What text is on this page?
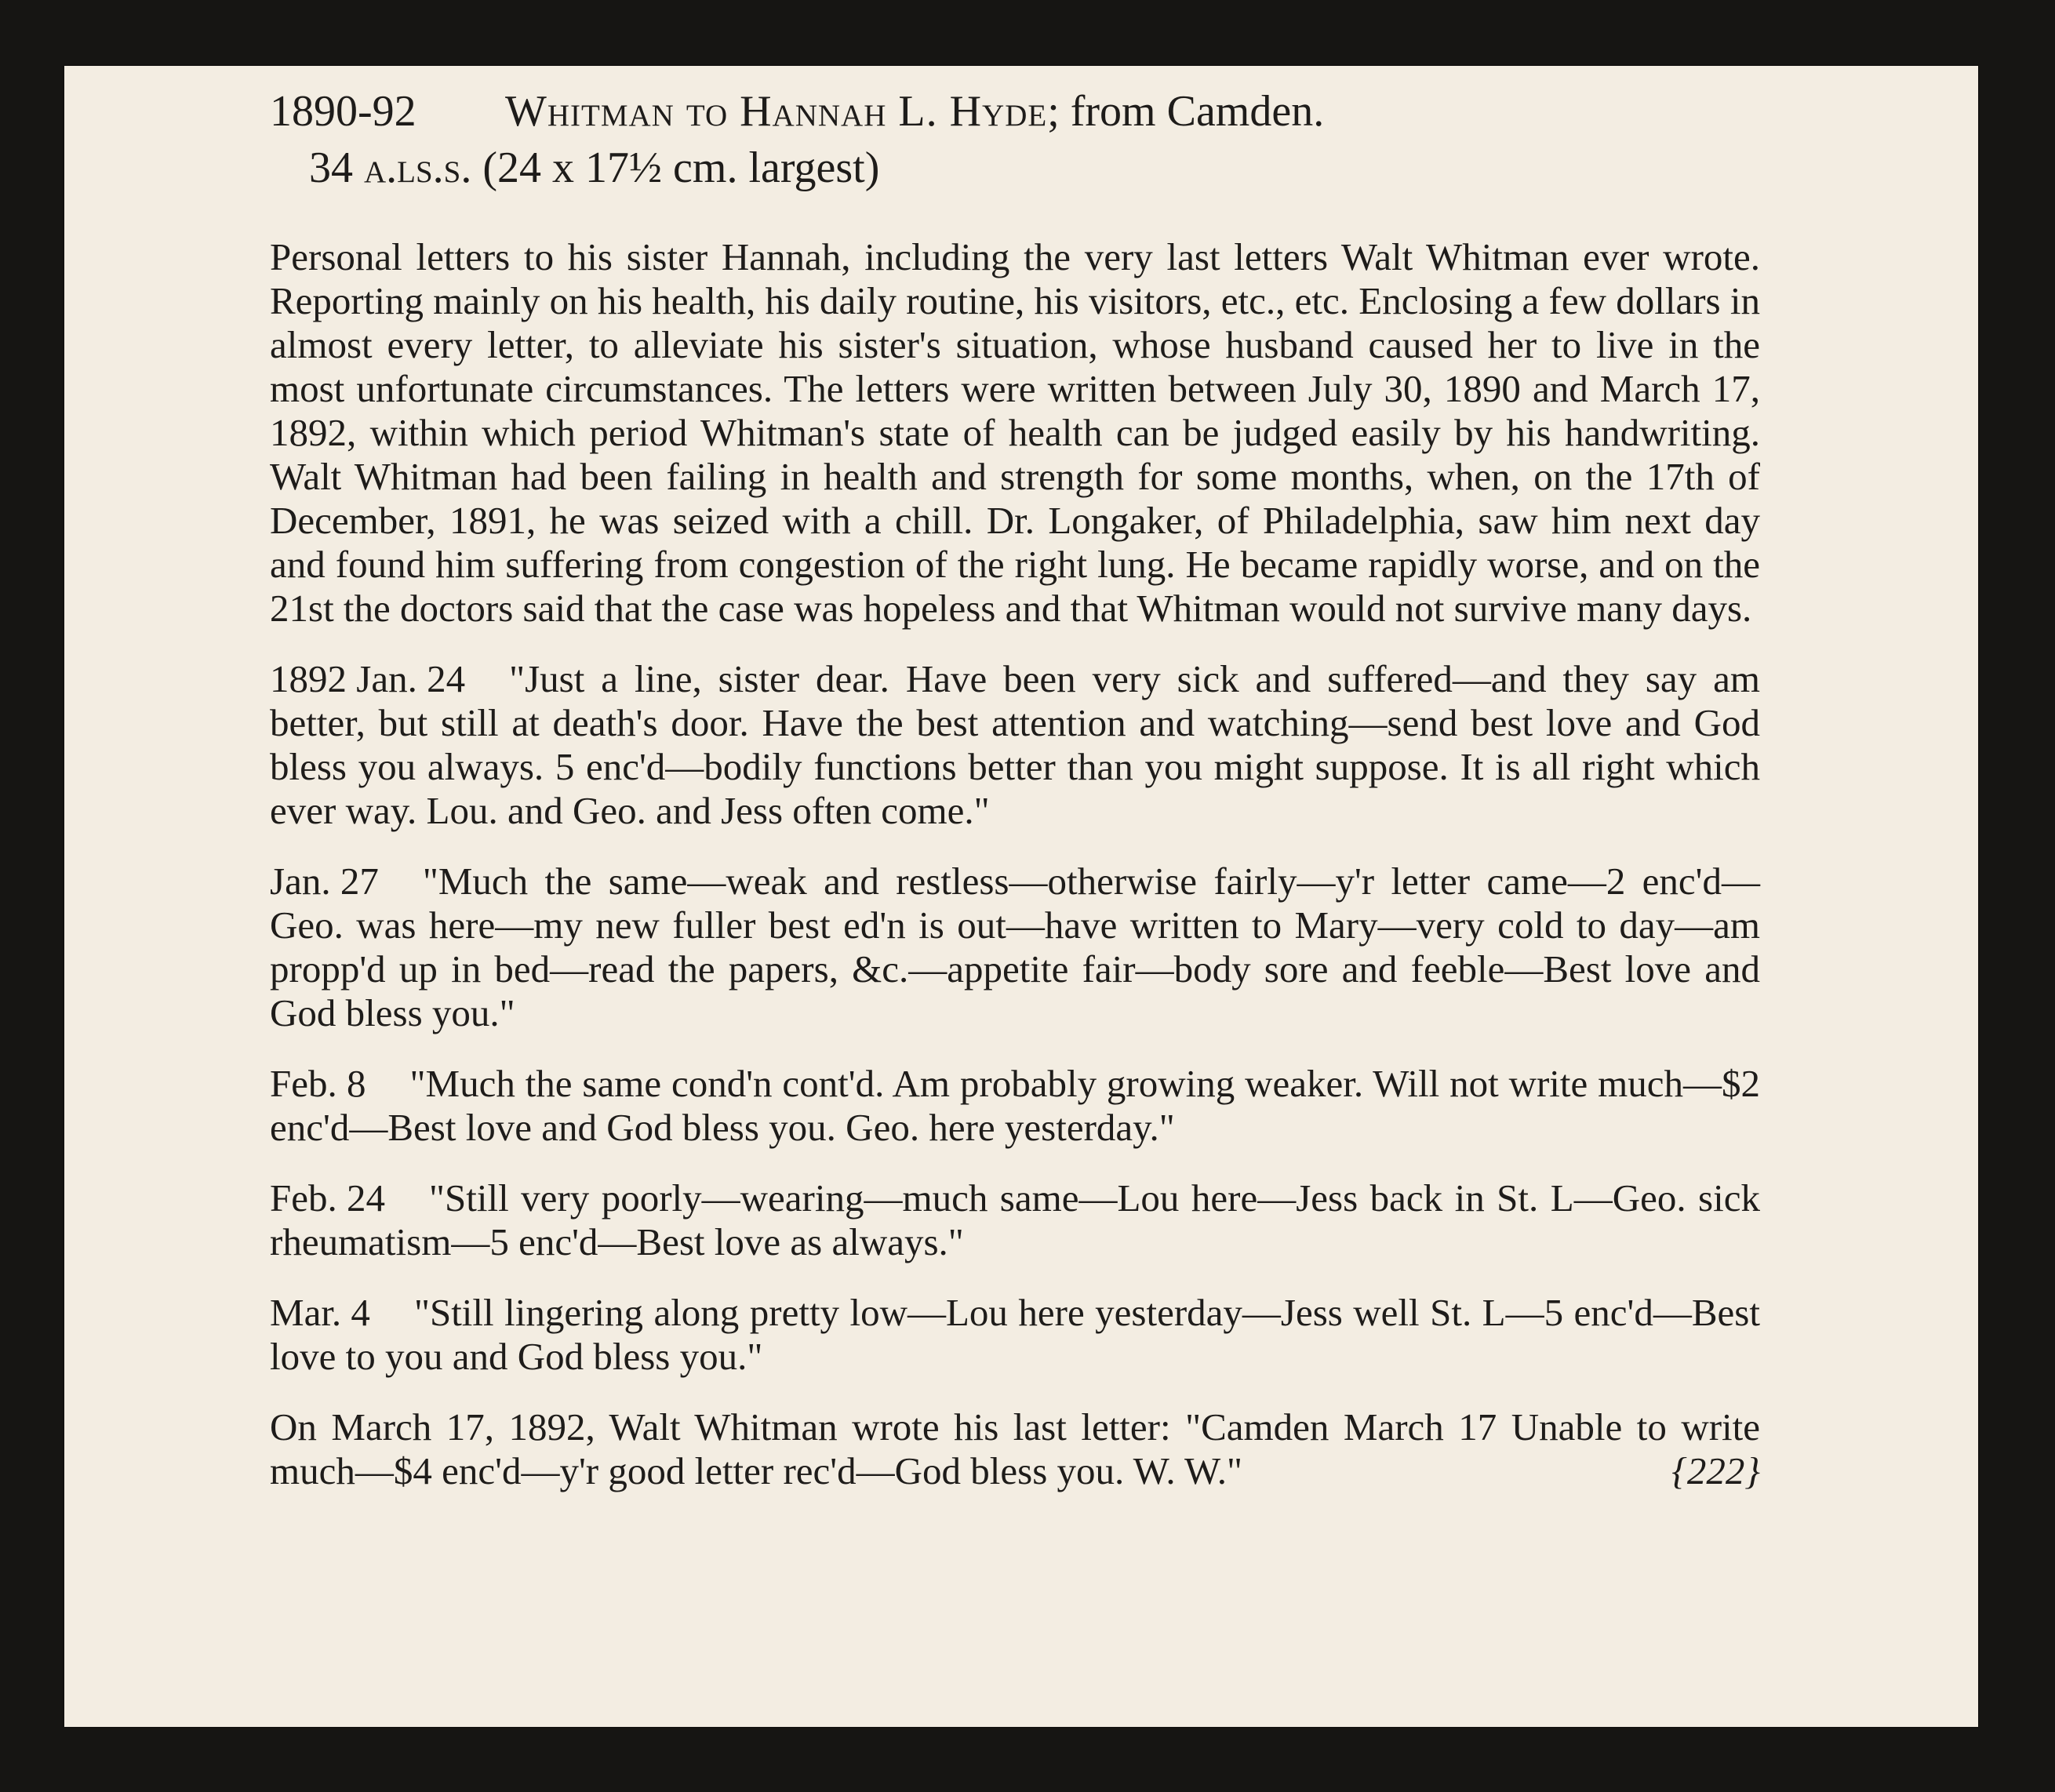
1890-92 Whitman to Hannah L. Hyde; from Camden.
34 a.ls.s. (24 x 17½ cm. largest)

Personal letters to his sister Hannah, including the very last letters Walt Whitman ever wrote. Reporting mainly on his health, his daily routine, his visitors, etc., etc. Enclosing a few dollars in almost every letter, to alleviate his sister's situation, whose husband caused her to live in the most unfortunate circumstances. The letters were written between July 30, 1890 and March 17, 1892, within which period Whitman's state of health can be judged easily by his handwriting. Walt Whitman had been failing in health and strength for some months, when, on the 17th of December, 1891, he was seized with a chill. Dr. Longaker, of Philadelphia, saw him next day and found him suffering from congestion of the right lung. He became rapidly worse, and on the 21st the doctors said that the case was hopeless and that Whitman would not survive many days.

1892 Jan. 24 "Just a line, sister dear. Have been very sick and suffered—and they say am better, but still at death's door. Have the best attention and watching—send best love and God bless you always. 5 enc'd—bodily functions better than you might suppose. It is all right which ever way. Lou. and Geo. and Jess often come."

Jan. 27 "Much the same—weak and restless—otherwise fairly—y'r letter came—2 enc'd—Geo. was here—my new fuller best ed'n is out—have written to Mary—very cold to day—am propp'd up in bed—read the papers, &c.—appetite fair—body sore and feeble—Best love and God bless you."

Feb. 8 "Much the same cond'n cont'd. Am probably growing weaker. Will not write much—$2 enc'd—Best love and God bless you. Geo. here yesterday."

Feb. 24 "Still very poorly—wearing—much same—Lou here—Jess back in St. L—Geo. sick rheumatism—5 enc'd—Best love as always."

Mar. 4 "Still lingering along pretty low—Lou here yesterday—Jess well St. L—5 enc'd—Best love to you and God bless you."

On March 17, 1892, Walt Whitman wrote his last letter: "Camden March 17 Unable to write much—$4 enc'd—y'r good letter rec'd—God bless you. W. W."	{222}
